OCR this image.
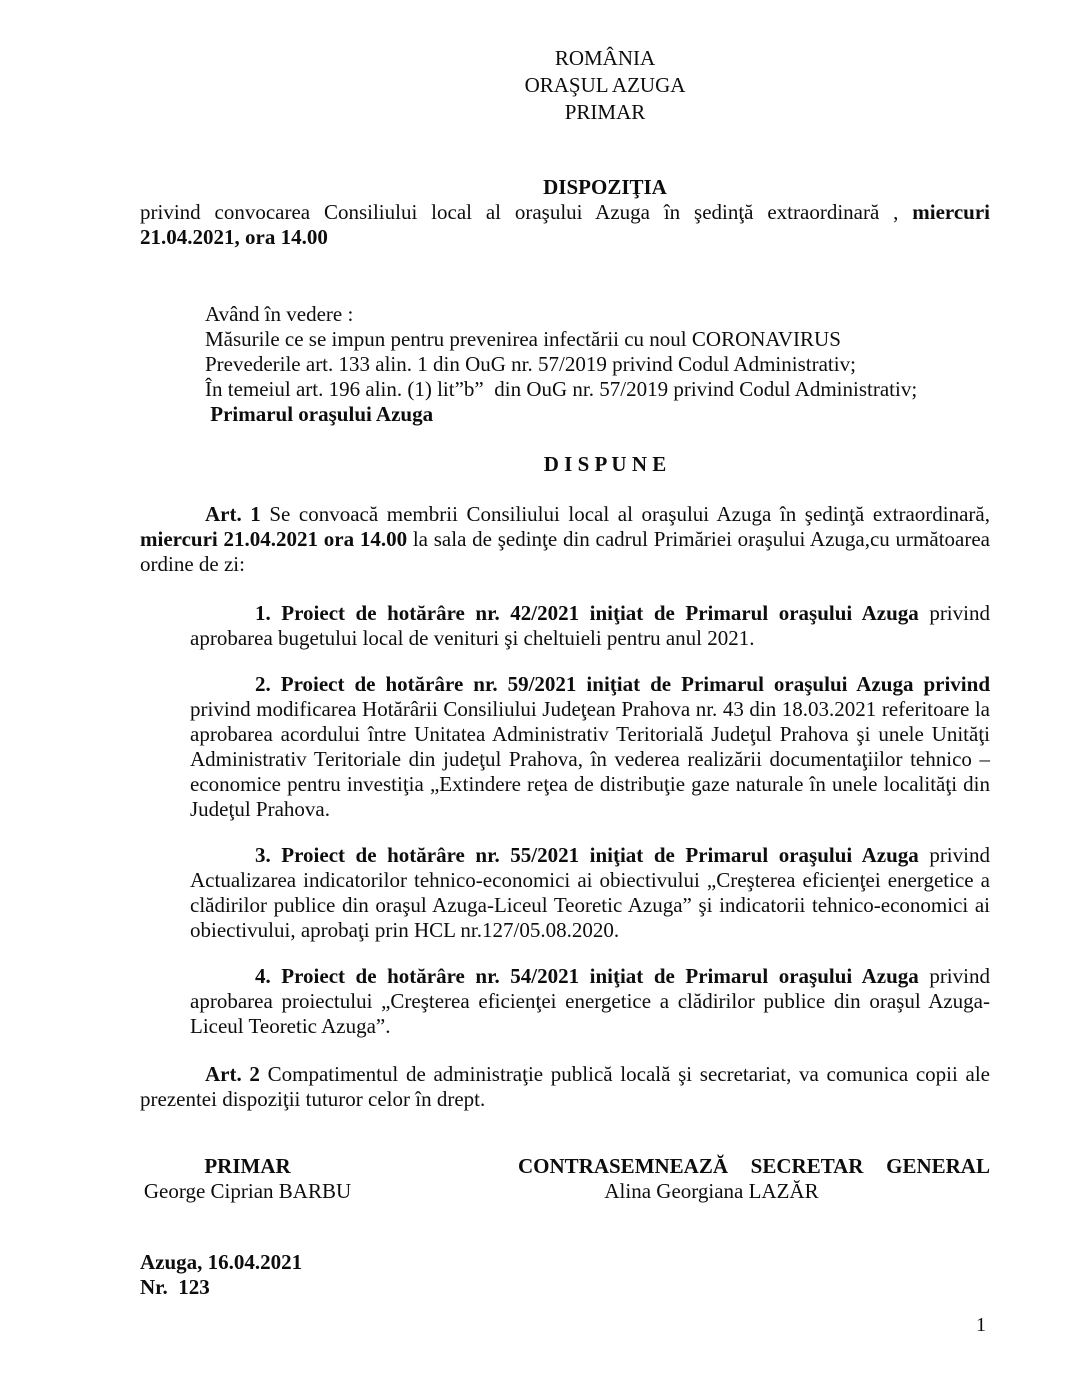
ROMÂNIA
ORAŞUL AZUGA
PRIMAR
DISPOZIŢIA
privind convocarea Consiliului local al oraşului Azuga în şedinţă extraordinară , miercuri 21.04.2021, ora 14.00
Având în vedere :
Măsurile ce se impun pentru prevenirea infectării cu noul CORONAVIRUS
Prevederile art. 133 alin. 1 din OuG nr. 57/2019 privind Codul Administrativ;
În temeiul art. 196 alin. (1) lit”b”  din OuG nr. 57/2019 privind Codul Administrativ;
Primarul oraşului Azuga
D I S P U N E
Art. 1 Se convoacă membrii Consiliului local al oraşului Azuga în şedinţă extraordinară, miercuri 21.04.2021 ora 14.00 la sala de şedinţe din cadrul Primăriei oraşului Azuga,cu următoarea ordine de zi:
1. Proiect de hotărâre nr. 42/2021 iniţiat de Primarul oraşului Azuga privind aprobarea bugetului local de venituri şi cheltuieli pentru anul 2021.
2. Proiect de hotărâre nr. 59/2021 iniţiat de Primarul oraşului Azuga privind privind modificarea Hotărârii Consiliului Judeţean Prahova nr. 43 din 18.03.2021 referitoare la aprobarea acordului între Unitatea Administrativ Teritorială Judeţul Prahova şi unele Unităţi Administrativ Teritoriale din judeţul Prahova, în vederea realizării documentaţiilor tehnico – economice pentru investiţia „Extindere reţea de distribuţie gaze naturale în unele localităţi din Judeţul Prahova.
3. Proiect de hotărâre nr. 55/2021 iniţiat de Primarul oraşului Azuga privind Actualizarea indicatorilor tehnico-economici ai obiectivului „Creşterea eficienţei energetice a clădirilor publice din oraşul Azuga-Liceul Teoretic Azuga” şi indicatorii tehnico-economici ai obiectivului, aprobaţi prin HCL nr.127/05.08.2020.
4. Proiect de hotărâre nr. 54/2021 iniţiat de Primarul oraşului Azuga privind aprobarea proiectului „Creşterea eficienţei energetice a clădirilor publice din oraşul Azuga-Liceul Teoretic Azuga”.
Art. 2 Compatimentul de administraţie publică locală şi secretariat, va comunica copii ale prezentei dispoziţii tuturor celor în drept.
PRIMAR
George Ciprian BARBU
CONTRASEMNEAZĂ SECRETAR GENERAL
Alina Georgiana LAZĂR
Azuga, 16.04.2021
Nr.  123
1
